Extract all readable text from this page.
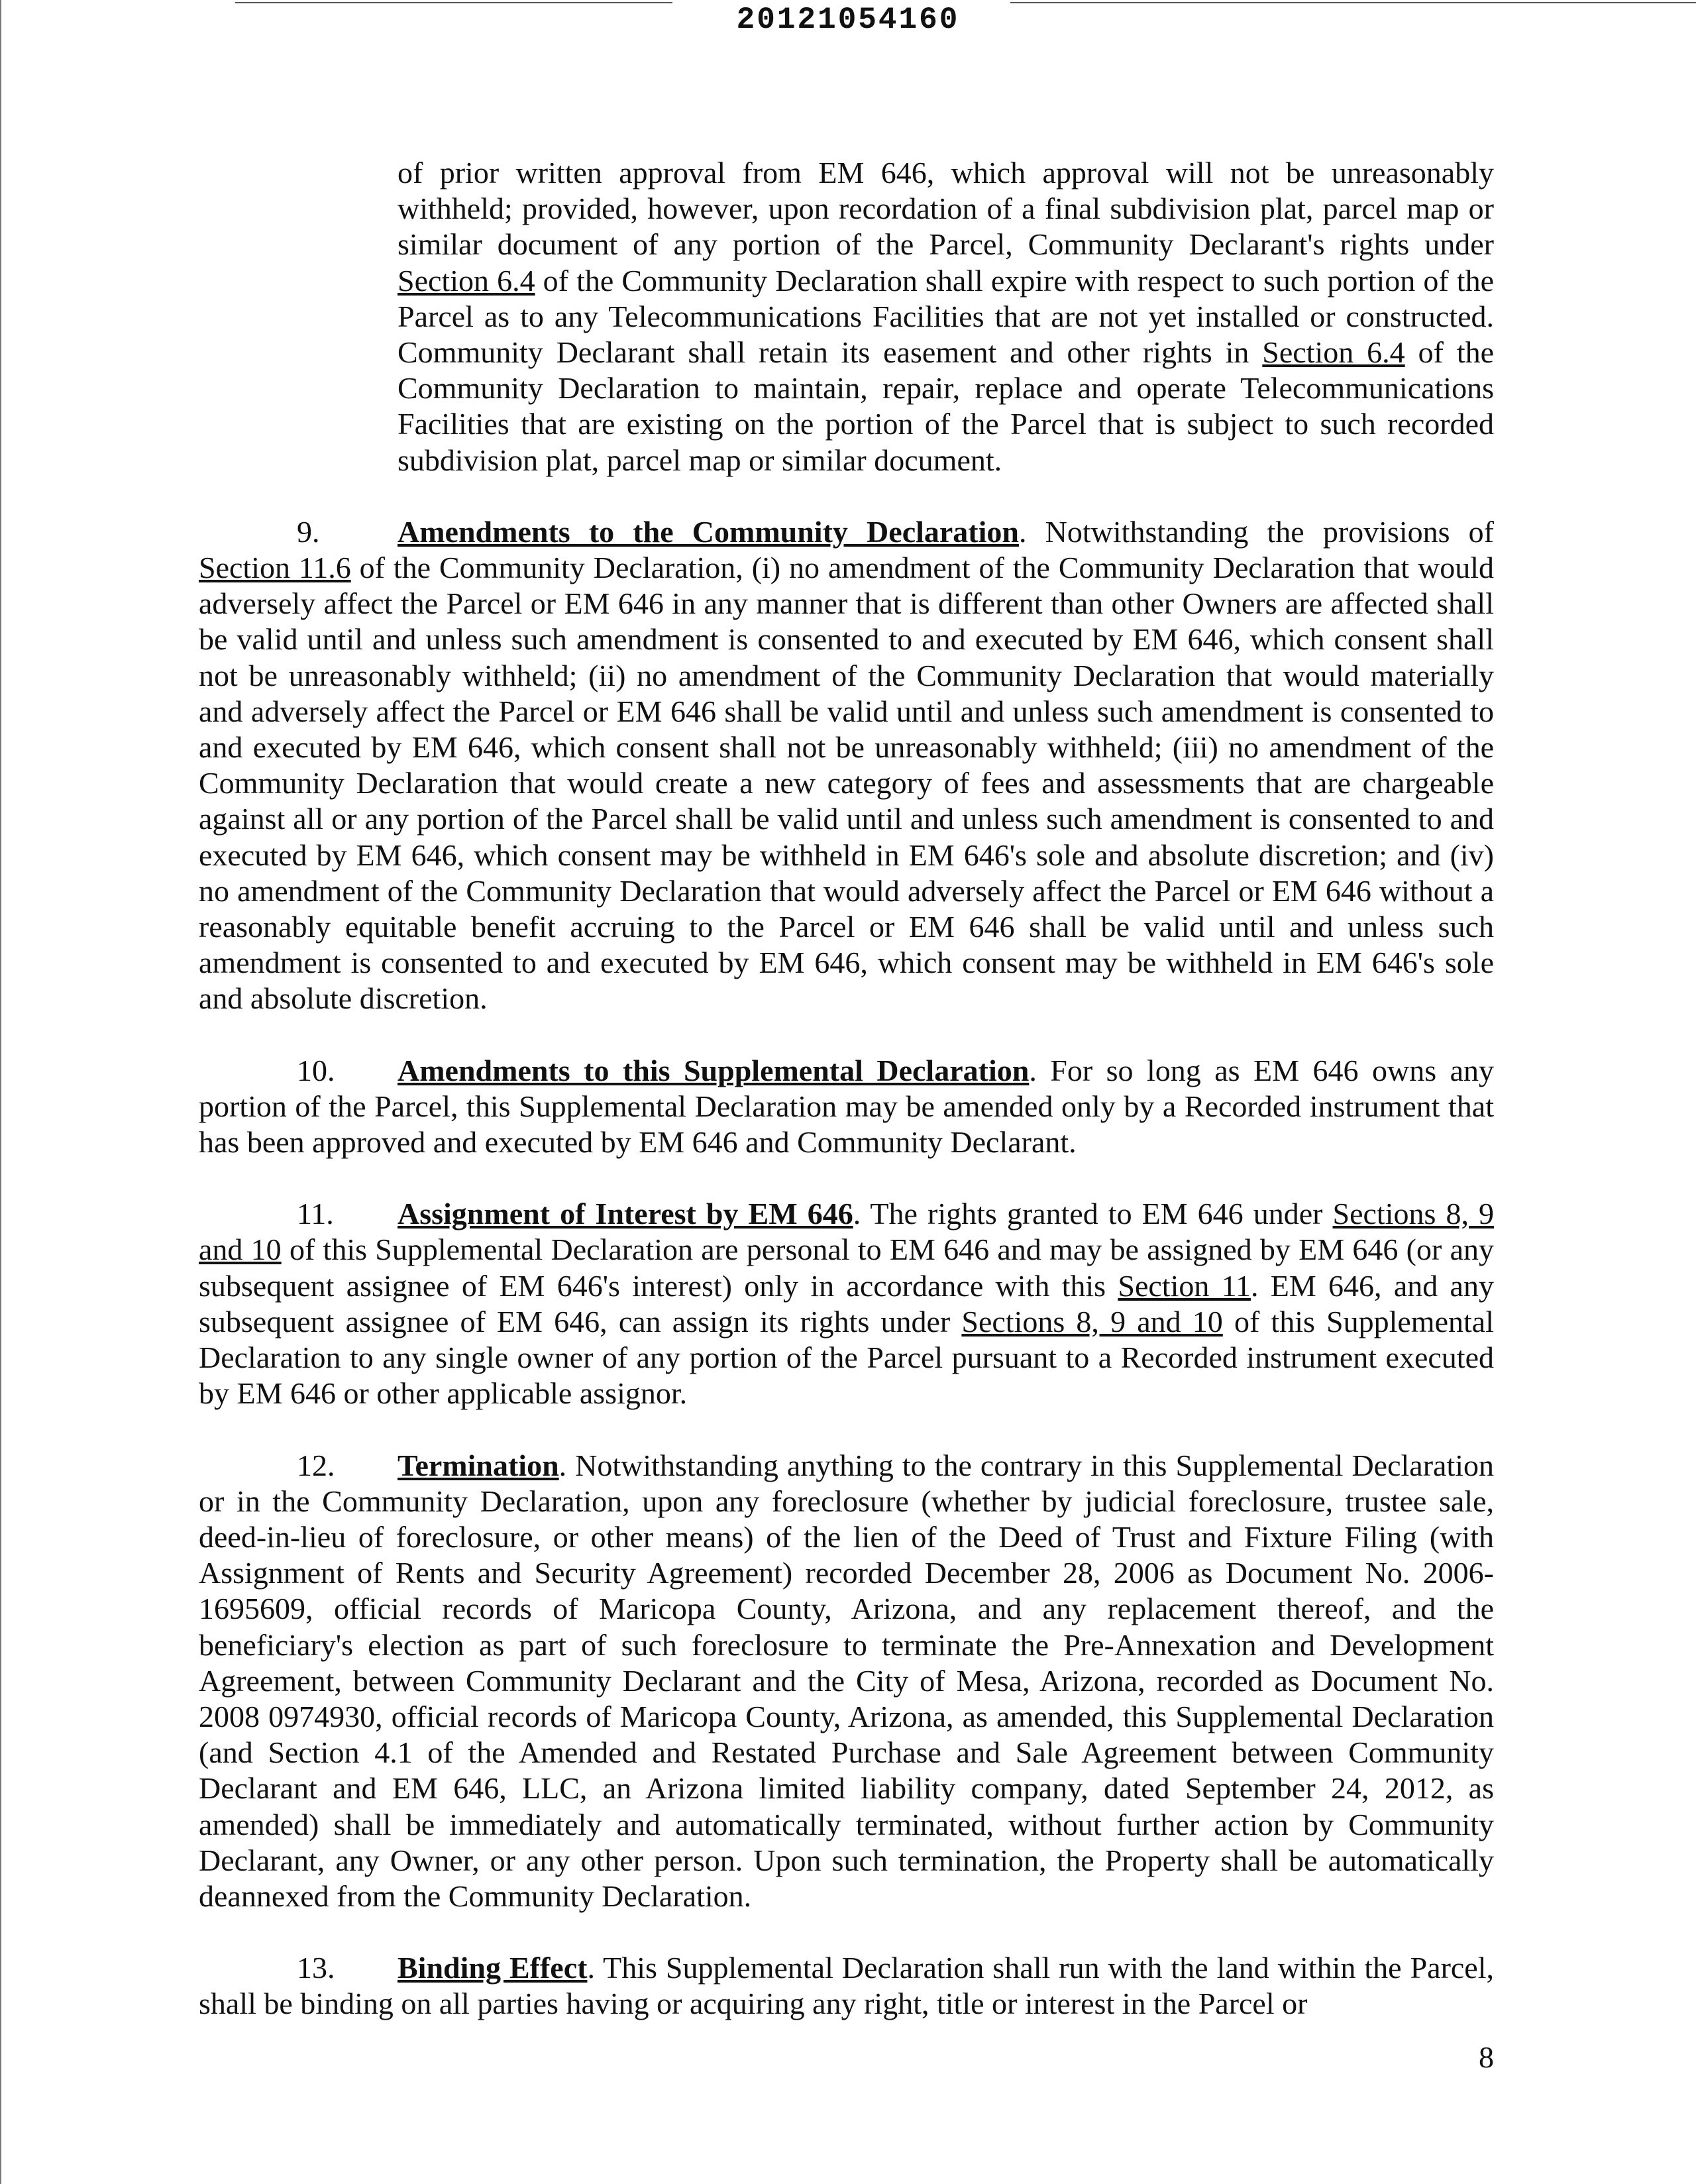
20121054160

of prior written approval from EM 646, which approval will not be unreasonably withheld; provided, however, upon recordation of a final subdivision plat, parcel map or similar document of any portion of the Parcel, Community Declarant's rights under Section 6.4 of the Community Declaration shall expire with respect to such portion of the Parcel as to any Telecommunications Facilities that are not yet installed or constructed. Community Declarant shall retain its easement and other rights in Section 6.4 of the Community Declaration to maintain, repair, replace and operate Telecommunications Facilities that are existing on the portion of the Parcel that is subject to such recorded subdivision plat, parcel map or similar document.

9.	Amendments to the Community Declaration. Notwithstanding the provisions of Section 11.6 of the Community Declaration, (i) no amendment of the Community Declaration that would adversely affect the Parcel or EM 646 in any manner that is different than other Owners are affected shall be valid until and unless such amendment is consented to and executed by EM 646, which consent shall not be unreasonably withheld; (ii) no amendment of the Community Declaration that would materially and adversely affect the Parcel or EM 646 shall be valid until and unless such amendment is consented to and executed by EM 646, which consent shall not be unreasonably withheld; (iii) no amendment of the Community Declaration that would create a new category of fees and assessments that are chargeable against all or any portion of the Parcel shall be valid until and unless such amendment is consented to and executed by EM 646, which consent may be withheld in EM 646's sole and absolute discretion; and (iv) no amendment of the Community Declaration that would adversely affect the Parcel or EM 646 without a reasonably equitable benefit accruing to the Parcel or EM 646 shall be valid until and unless such amendment is consented to and executed by EM 646, which consent may be withheld in EM 646's sole and absolute discretion.

10. Amendments to this Supplemental Declaration. For so long as EM 646 owns any portion of the Parcel, this Supplemental Declaration may be amended only by a Recorded instrument that has been approved and executed by EM 646 and Community Declarant.

11. Assignment of Interest by EM 646. The rights granted to EM 646 under Sections 8, 9 and 10 of this Supplemental Declaration are personal to EM 646 and may be assigned by EM 646 (or any subsequent assignee of EM 646's interest) only in accordance with this Section 11. EM 646, and any subsequent assignee of EM 646, can assign its rights under Sections 8, 9 and 10 of this Supplemental Declaration to any single owner of any portion of the Parcel pursuant to a Recorded instrument executed by EM 646 or other applicable assignor.

12. Termination. Notwithstanding anything to the contrary in this Supplemental Declaration or in the Community Declaration, upon any foreclosure (whether by judicial foreclosure, trustee sale, deed-in-lieu of foreclosure, or other means) of the lien of the Deed of Trust and Fixture Filing (with Assignment of Rents and Security Agreement) recorded December 28, 2006 as Document No. 2006-1695609, official records of Maricopa County, Arizona, and any replacement thereof, and the beneficiary's election as part of such foreclosure to terminate the Pre-Annexation and Development Agreement, between Community Declarant and the City of Mesa, Arizona, recorded as Document No. 2008 0974930, official records of Maricopa County, Arizona, as amended, this Supplemental Declaration (and Section 4.1 of the Amended and Restated Purchase and Sale Agreement between Community Declarant and EM 646, LLC, an Arizona limited liability company, dated September 24, 2012, as amended) shall be immediately and automatically terminated, without further action by Community Declarant, any Owner, or any other person. Upon such termination, the Property shall be automatically deannexed from the Community Declaration.

13. Binding Effect. This Supplemental Declaration shall run with the land within the Parcel, shall be binding on all parties having or acquiring any right, title or interest in the Parcel or

8
